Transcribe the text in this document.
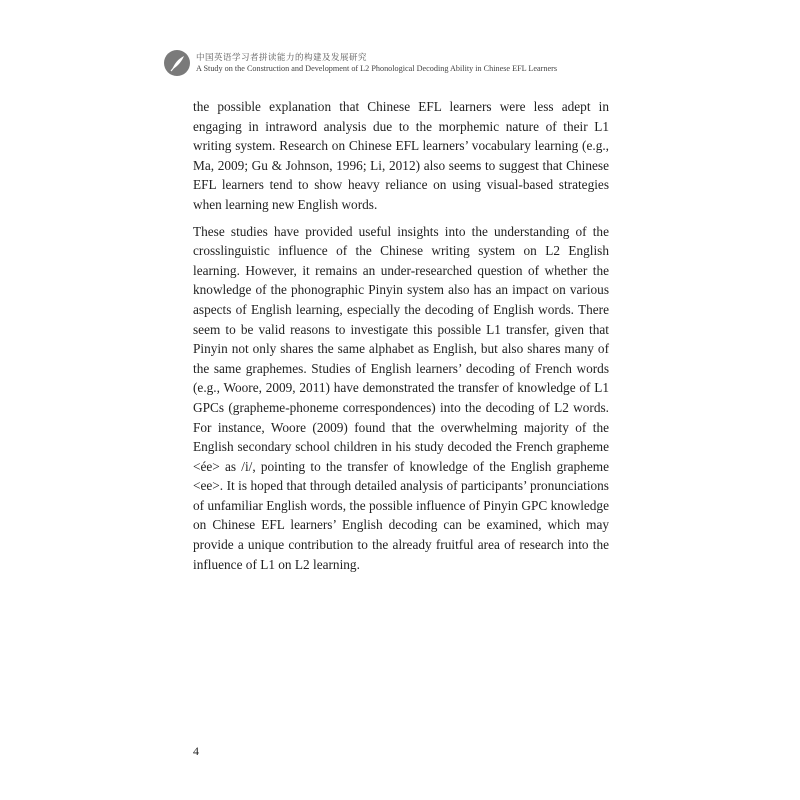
中国英语学习者拼读能力的构建及发展研究
A Study on the Construction and Development of L2 Phonological Decoding Ability in Chinese EFL Learners

the possible explanation that Chinese EFL learners were less adept in engaging in intraword analysis due to the morphemic nature of their L1 writing system. Research on Chinese EFL learners’ vocabulary learning (e.g., Ma, 2009; Gu & Johnson, 1996; Li, 2012) also seems to suggest that Chinese EFL learners tend to show heavy reliance on using visual-based strategies when learning new English words.

These studies have provided useful insights into the understanding of the crosslinguistic influence of the Chinese writing system on L2 English learning. However, it remains an under-researched question of whether the knowledge of the phonographic Pinyin system also has an impact on various aspects of English learning, especially the decoding of English words. There seem to be valid reasons to investigate this possible L1 transfer, given that Pinyin not only shares the same alphabet as English, but also shares many of the same graphemes. Studies of English learners’ decoding of French words (e.g., Woore, 2009, 2011) have demonstrated the transfer of knowledge of L1 GPCs (grapheme-phoneme correspondences) into the decoding of L2 words. For instance, Woore (2009) found that the overwhelming majority of the English secondary school children in his study decoded the French grapheme <ée> as /i/, pointing to the transfer of knowledge of the English grapheme <ee>. It is hoped that through detailed analysis of participants’ pronunciations of unfamiliar English words, the possible influence of Pinyin GPC knowledge on Chinese EFL learners’ English decoding can be examined, which may provide a unique contribution to the already fruitful area of research into the influence of L1 on L2 learning.

4
